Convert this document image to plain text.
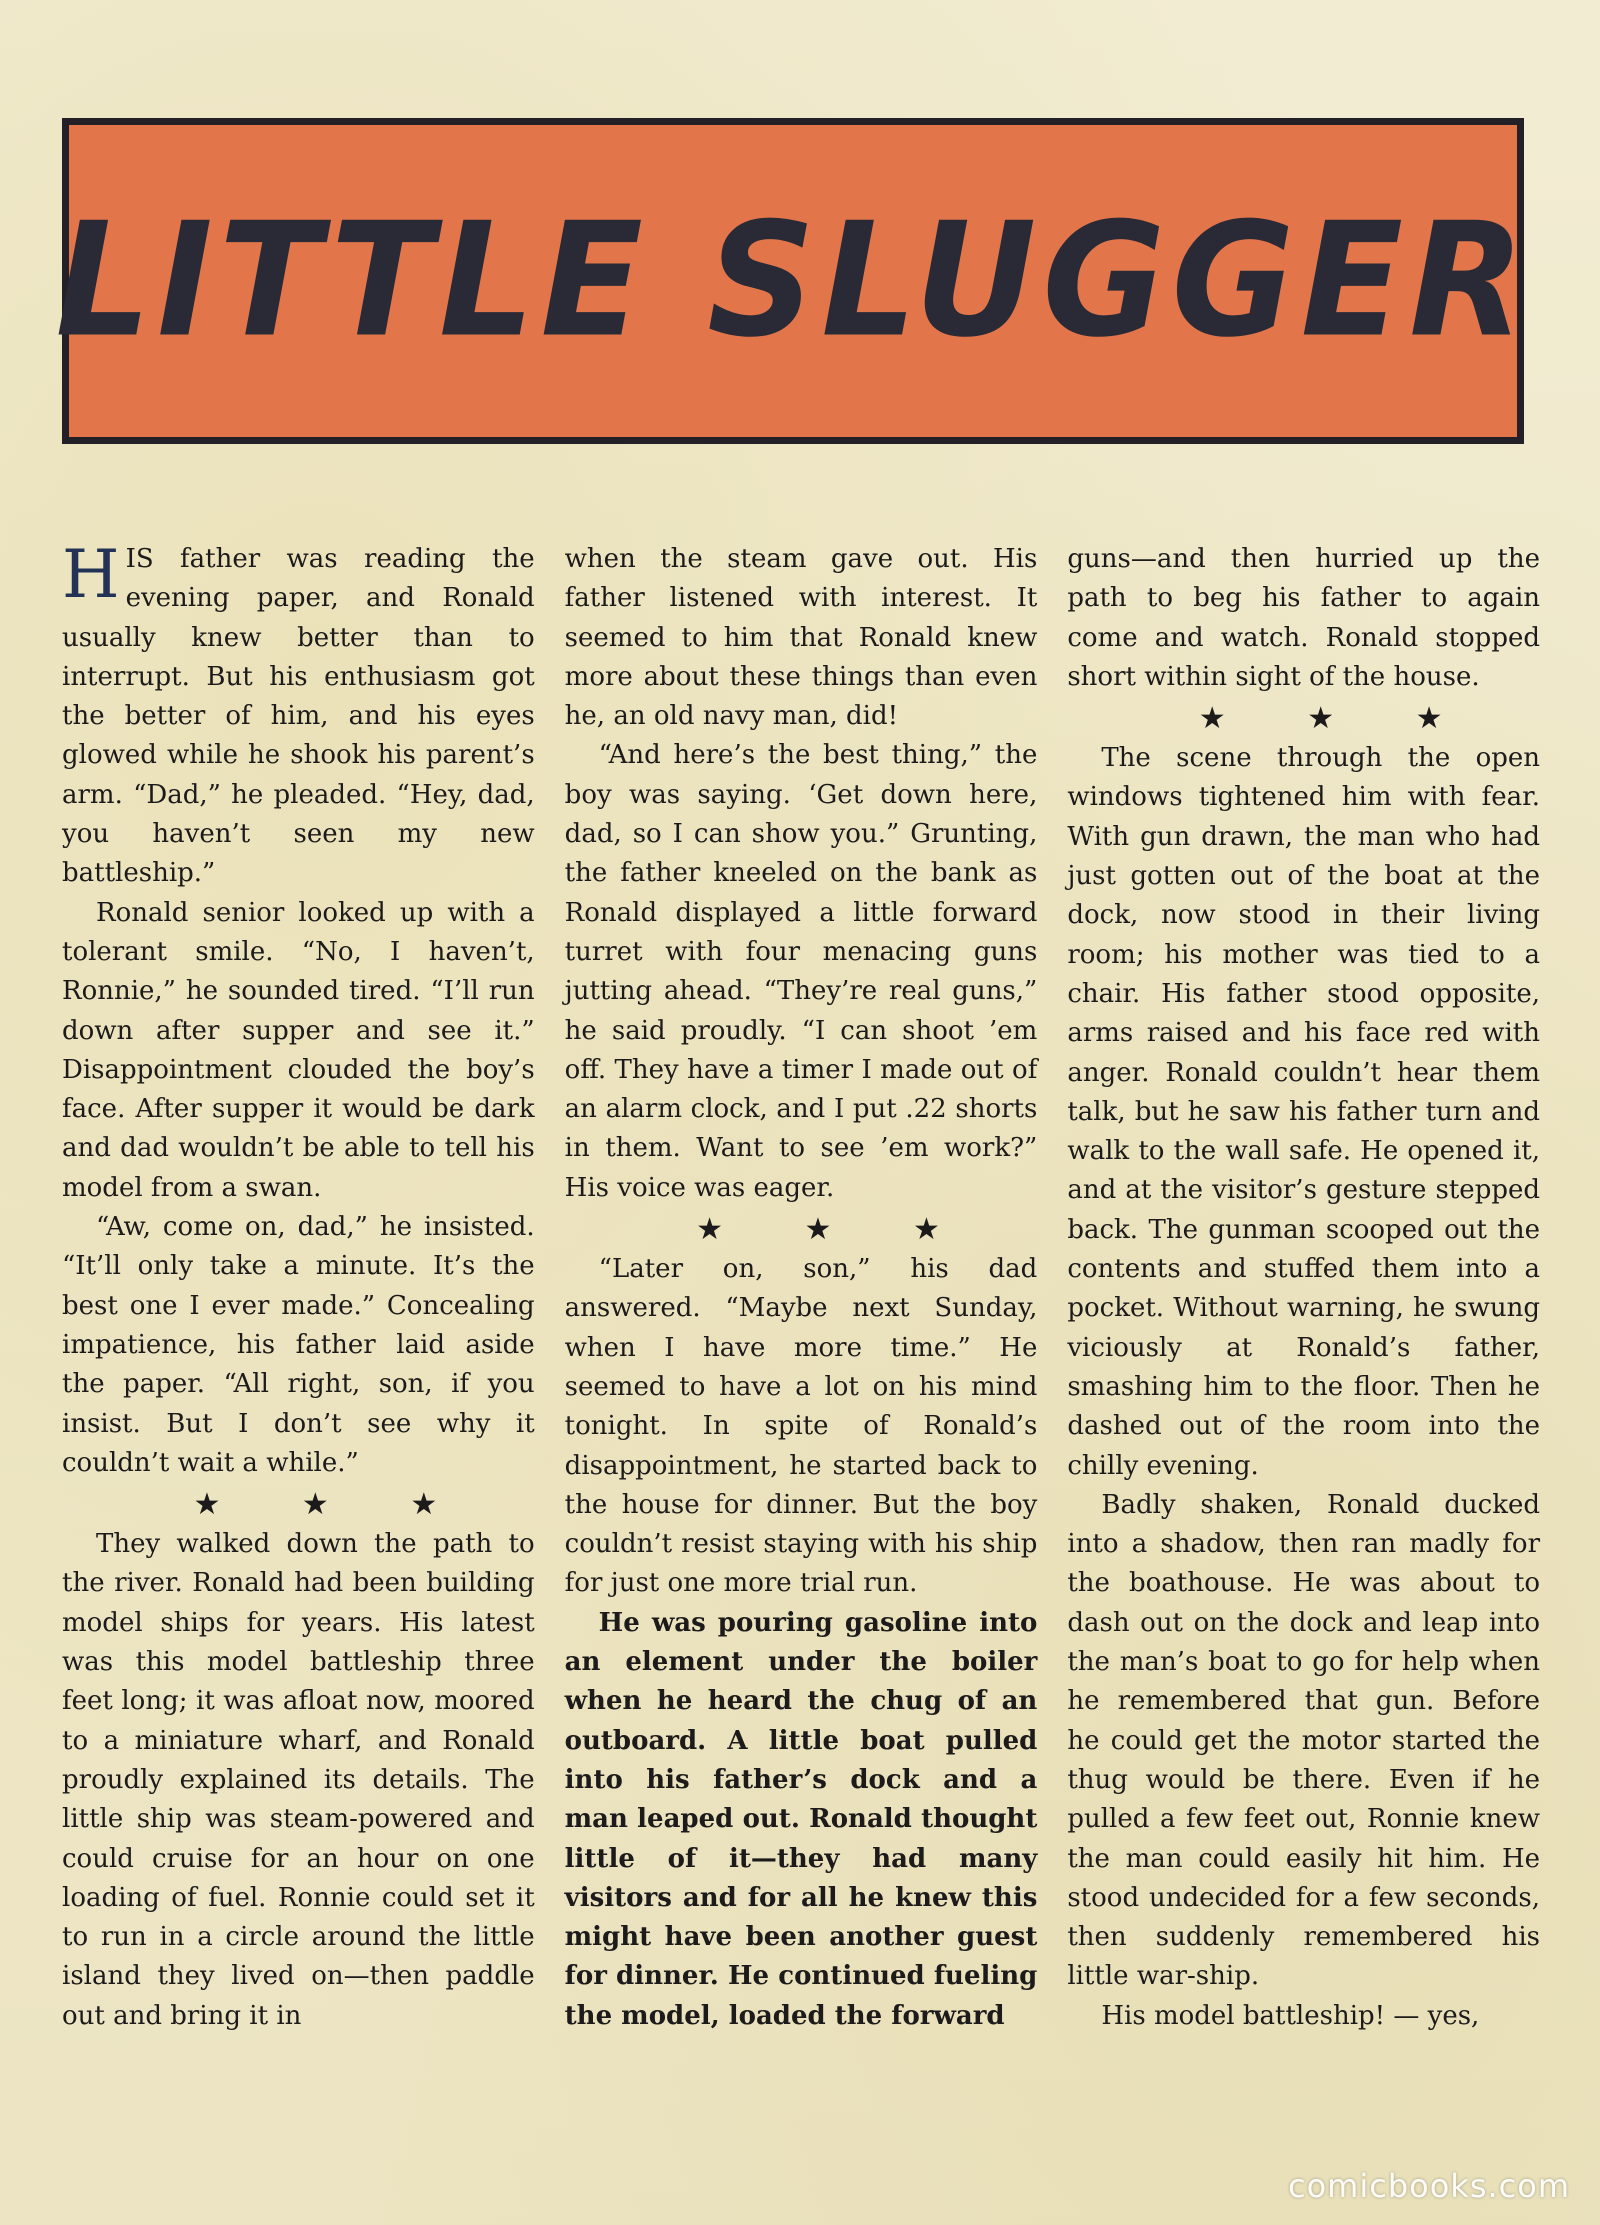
LITTLE SLUGGER

HIS father was reading the evening paper, and Ronald usually knew better than to interrupt. But his enthusiasm got the better of him, and his eyes glowed while he shook his parent’s arm. “Dad,” he pleaded. “Hey, dad, you haven’t seen my new battleship.”

Ronald senior looked up with a tolerant smile. “No, I haven’t, Ronnie,” he sounded tired. “I’ll run down after supper and see it.” Disappointment clouded the boy’s face. After supper it would be dark and dad wouldn’t be able to tell his model from a swan.

“Aw, come on, dad,” he insisted. “It’ll only take a minute. It’s the best one I ever made.” Concealing impatience, his father laid aside the paper. “All right, son, if you insist. But I don’t see why it couldn’t wait a while.”

★ ★ ★

They walked down the path to the river. Ronald had been building model ships for years. His latest was this model battleship three feet long; it was afloat now, moored to a miniature wharf, and Ronald proudly explained its details. The little ship was steam-powered and could cruise for an hour on one loading of fuel. Ronnie could set it to run in a circle around the little island they lived on—then paddle out and bring it in

when the steam gave out. His father listened with interest. It seemed to him that Ronald knew more about these things than even he, an old navy man, did!

“And here’s the best thing,” the boy was saying. ‘Get down here, dad, so I can show you.” Grunting, the father kneeled on the bank as Ronald displayed a little forward turret with four menacing guns jutting ahead. “They’re real guns,” he said proudly. “I can shoot ’em off. They have a timer I made out of an alarm clock, and I put .22 shorts in them. Want to see ’em work?” His voice was eager.

★ ★ ★

“Later on, son,” his dad answered. “Maybe next Sunday, when I have more time.” He seemed to have a lot on his mind tonight. In spite of Ronald’s disappointment, he started back to the house for dinner. But the boy couldn’t resist staying with his ship for just one more trial run.

He was pouring gasoline into an element under the boiler when he heard the chug of an outboard. A little boat pulled into his father’s dock and a man leaped out. Ronald thought little of it—they had many visitors and for all he knew this might have been another guest for dinner. He continued fueling the model, loaded the forward

guns—and then hurried up the path to beg his father to again come and watch. Ronald stopped short within sight of the house.

★ ★ ★

The scene through the open windows tightened him with fear. With gun drawn, the man who had just gotten out of the boat at the dock, now stood in their living room; his mother was tied to a chair. His father stood opposite, arms raised and his face red with anger. Ronald couldn’t hear them talk, but he saw his father turn and walk to the wall safe. He opened it, and at the visitor’s gesture stepped back. The gunman scooped out the contents and stuffed them into a pocket. Without warning, he swung viciously at Ronald’s father, smashing him to the floor. Then he dashed out of the room into the chilly evening.

Badly shaken, Ronald ducked into a shadow, then ran madly for the boathouse. He was about to dash out on the dock and leap into the man’s boat to go for help when he remembered that gun. Before he could get the motor started the thug would be there. Even if he pulled a few feet out, Ronnie knew the man could easily hit him. He stood undecided for a few seconds, then suddenly remembered his little war-ship.

His model battleship! — yes,

comicbooks.com
